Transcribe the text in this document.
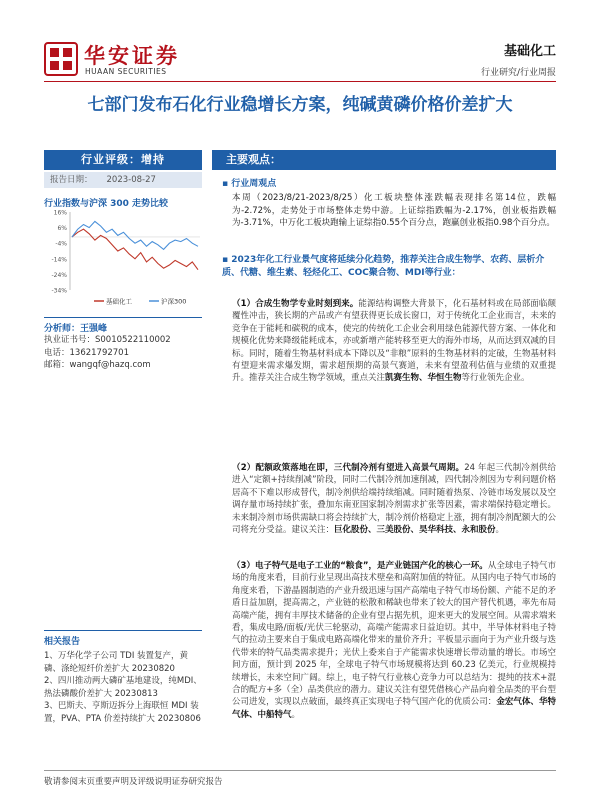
华安证券
HUAAN SECURITIES
基础化工
行业研究/行业周报
七部门发布石化行业稳增长方案，纯碱黄磷价格价差扩大
行业评级：增持
报告日期： 2023-08-27
行业指数与沪深 300 走势比较
16%
6%
-4%
-14%
-24%
-34%
基础化工	沪深300
分析师：王强峰
执业证书号：S0010522110002
电话：13621792701
邮箱：wangqf@hazq.com
相关报告
1、万华化学子公司 TDI 装置复产，黄磷、涤纶短纤价差扩大 20230820
2、四川推动两大磷矿基地建设，纯MDI、热法磷酸价差扩大 20230813
3、巴斯夫、亨斯迈拆分上海联恒 MDI 装置，PVA、PTA 价差持续扩大 20230806
主要观点：
▪ 行业周观点
本周（2023/8/21-2023/8/25）化工板块整体涨跌幅表现排名第14位，跌幅为-2.72%，走势处于市场整体走势中游。上证综指跌幅为-2.17%，创业板指跌幅为-3.71%，中万化工板块跑输上证综指0.55个百分点，跑赢创业板指0.98个百分点。
▪ 2023年化工行业景气度将延续分化趋势，推荐关注合成生物学、农药、层析介质、代糖、维生素、轻烃化工、COC聚合物、MDI等行业：
（1）合成生物学专业时刻到来。能源结构调整大背景下，化石基材料或在局部面临颠覆性冲击，狭长期的产品或产有望获得更长成长窗口，对于传统化工企业而言，未来的竞争在于能耗和碳税的成本，使完的传统化工企业会利用绿色能源代替方案、一体化和规模化优势来降级能耗成本，亦或新增产能转移至更大的海外市场，从而达到双减的目标。同时，随着生物基材料成本下降以及“非粮”原料的生物基材料的定破，生物基材料有望迎来需求爆发期，需求超预期的高景气赛道，未来有望盈利估值与业绩的双重提升。推荐关注合成生物学领域，重点关注凯赛生物、华恒生物等行业领先企业。
（2）配额政策落地在即，三代制冷剂有望进入高景气周期。24 年起三代制冷剂供给进入“定额+持续削减”阶段，同时二代制冷剂加速削减，四代制冷剂因为专利问题价格居高不下难以形成替代，制冷剂供给端持续缩减。同时随着热泵、冷链市场发展以及空调存量市场持续扩张，叠加东南亚国家制冷剂需求扩张等因素，需求端保持稳定增长。未来制冷剂市场供需缺口将会持续扩大，制冷剂价格稳定上涨，拥有制冷剂配额大的公司将充分受益。建议关注：巨化股份、三美股份、昊华科技、永和股份。
（3）电子特气是电子工业的“粮食”，是产业链国产化的核心一环。从全球电子特气市场的角度来看，目前行业呈现出高技术壁垒和高附加值的特征。从国内电子特气市场的角度来看，下游晶圆制造的产业升级迅速与国产高端电子特气市场份额、产能不足的矛盾日益加剧，提高需之，产业链的松散和稀缺也带来了较大的国产替代机遇，率先布局高端产能，拥有丰厚技术储备的企业有望占据先机，迎来更大的发展空间。从需求端来看，集成电路/面板/光伏三轮驱动，高端产能需求日益迫切。其中，半导体材料电子特气的拉动主要来自于集成电路高端化带来的量价齐升；平板显示面向于为产业升级与迭代带来的特气品类需求提升；光伏上委来自于产能需求快速增长带动量的增长。市场空间方面，预计到 2025 年，全球电子特气市场规模将达到 60.23 亿美元，行业规模持续增长，未来空间广阔。综上，电子特气行业核心竞争力可以总结为：提纯的技术+混合的配方+多（全）品类供应的潜力。建议关注有望凭借核心产品向着全品类的平台型公司进发，实现以点破面，最终真正实现电子特气国产化的优质公司：金宏气体、华特气体、中船特气。
敬请参阅末页重要声明及评级说明证券研究报告
